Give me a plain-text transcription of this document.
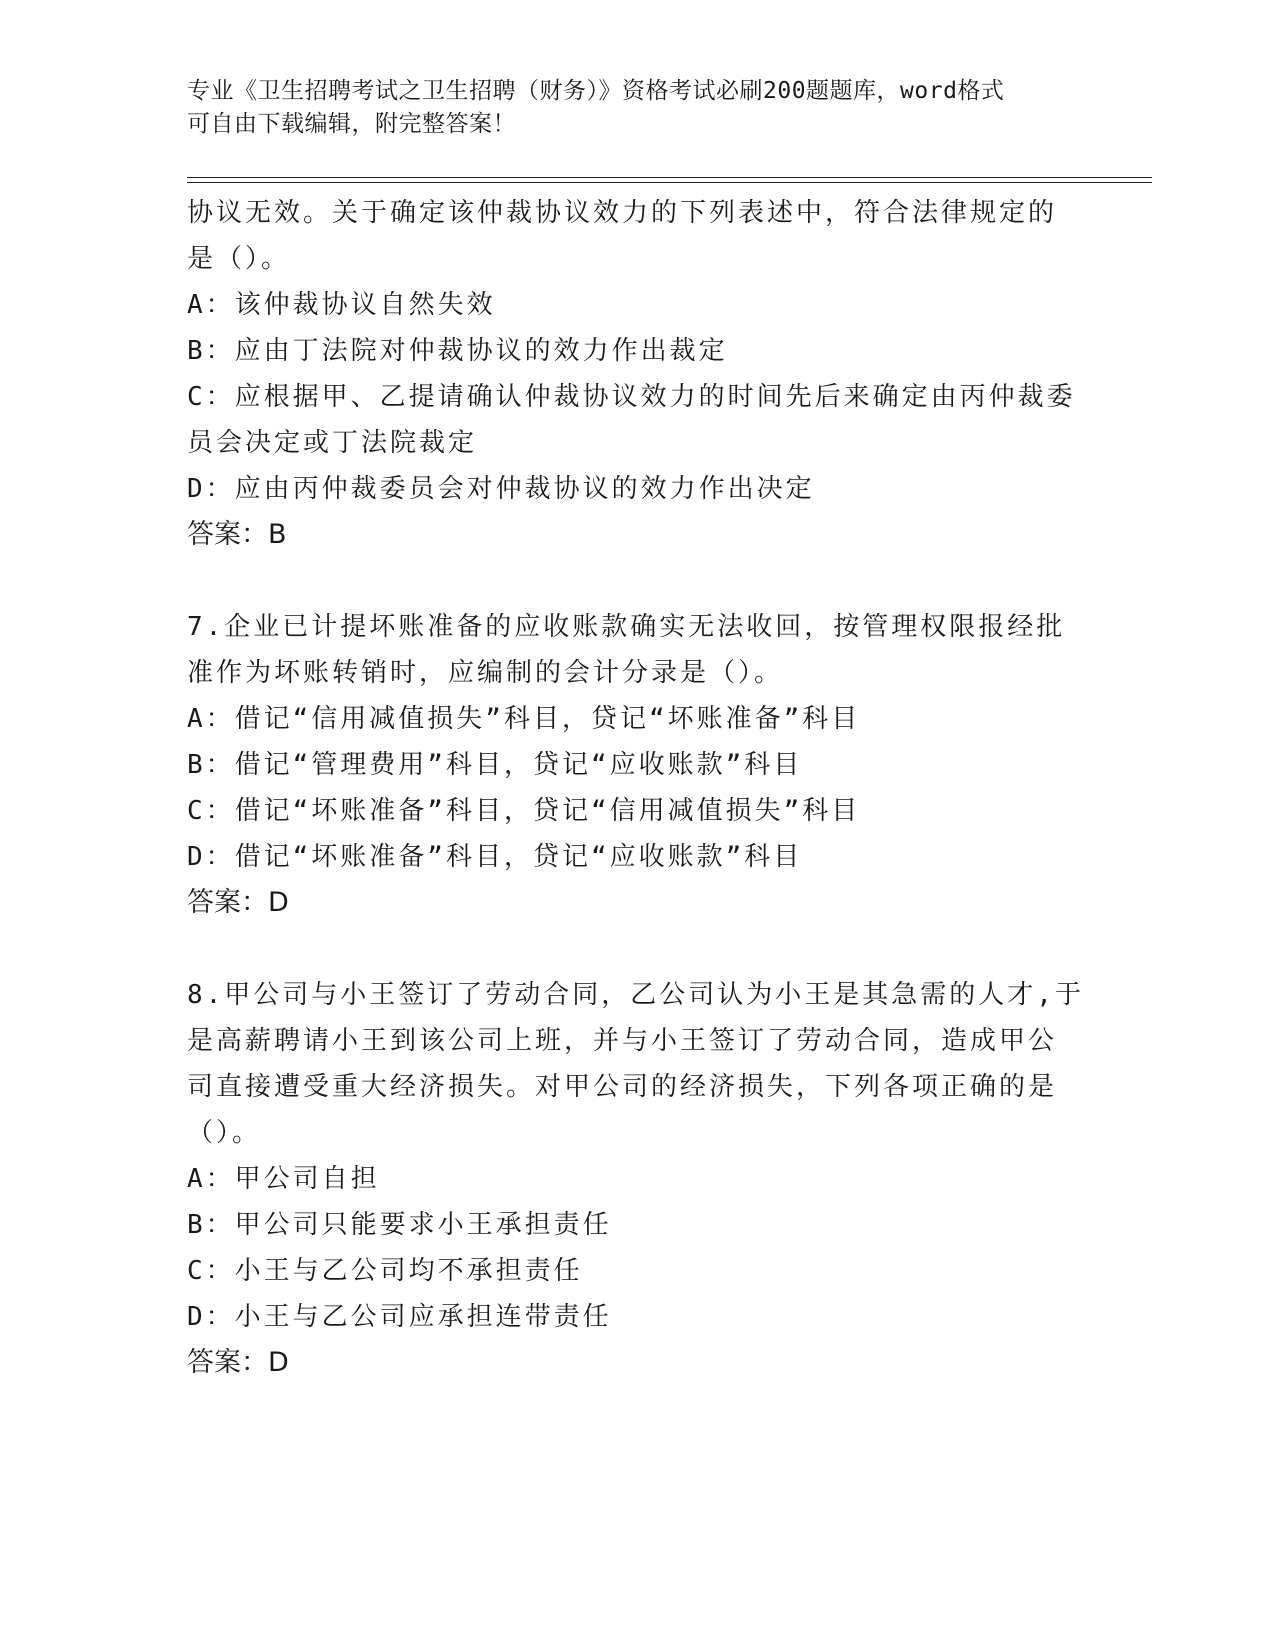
专业《卫生招聘考试之卫生招聘（财务）》资格考试必刷200题题库，word格式
可自由下载编辑，附完整答案！
协议无效。关于确定该仲裁协议效力的下列表述中，符合法律规定的
是（）。
A：该仲裁协议自然失效
B：应由丁法院对仲裁协议的效力作出裁定
C：应根据甲、乙提请确认仲裁协议效力的时间先后来确定由丙仲裁委
员会决定或丁法院裁定
D：应由丙仲裁委员会对仲裁协议的效力作出决定
答案：B
7.企业已计提坏账准备的应收账款确实无法收回，按管理权限报经批
准作为坏账转销时，应编制的会计分录是（）。
A：借记“信用减值损失”科目，贷记“坏账准备”科目
B：借记“管理费用”科目，贷记“应收账款”科目
C：借记“坏账准备”科目，贷记“信用减值损失”科目
D：借记“坏账准备”科目，贷记“应收账款”科目
答案：D
8.甲公司与小王签订了劳动合同，乙公司认为小王是其急需的人才,于
是高薪聘请小王到该公司上班，并与小王签订了劳动合同，造成甲公
司直接遭受重大经济损失。对甲公司的经济损失，下列各项正确的是
（）。
A：甲公司自担
B：甲公司只能要求小王承担责任
C：小王与乙公司均不承担责任
D：小王与乙公司应承担连带责任
答案：D
